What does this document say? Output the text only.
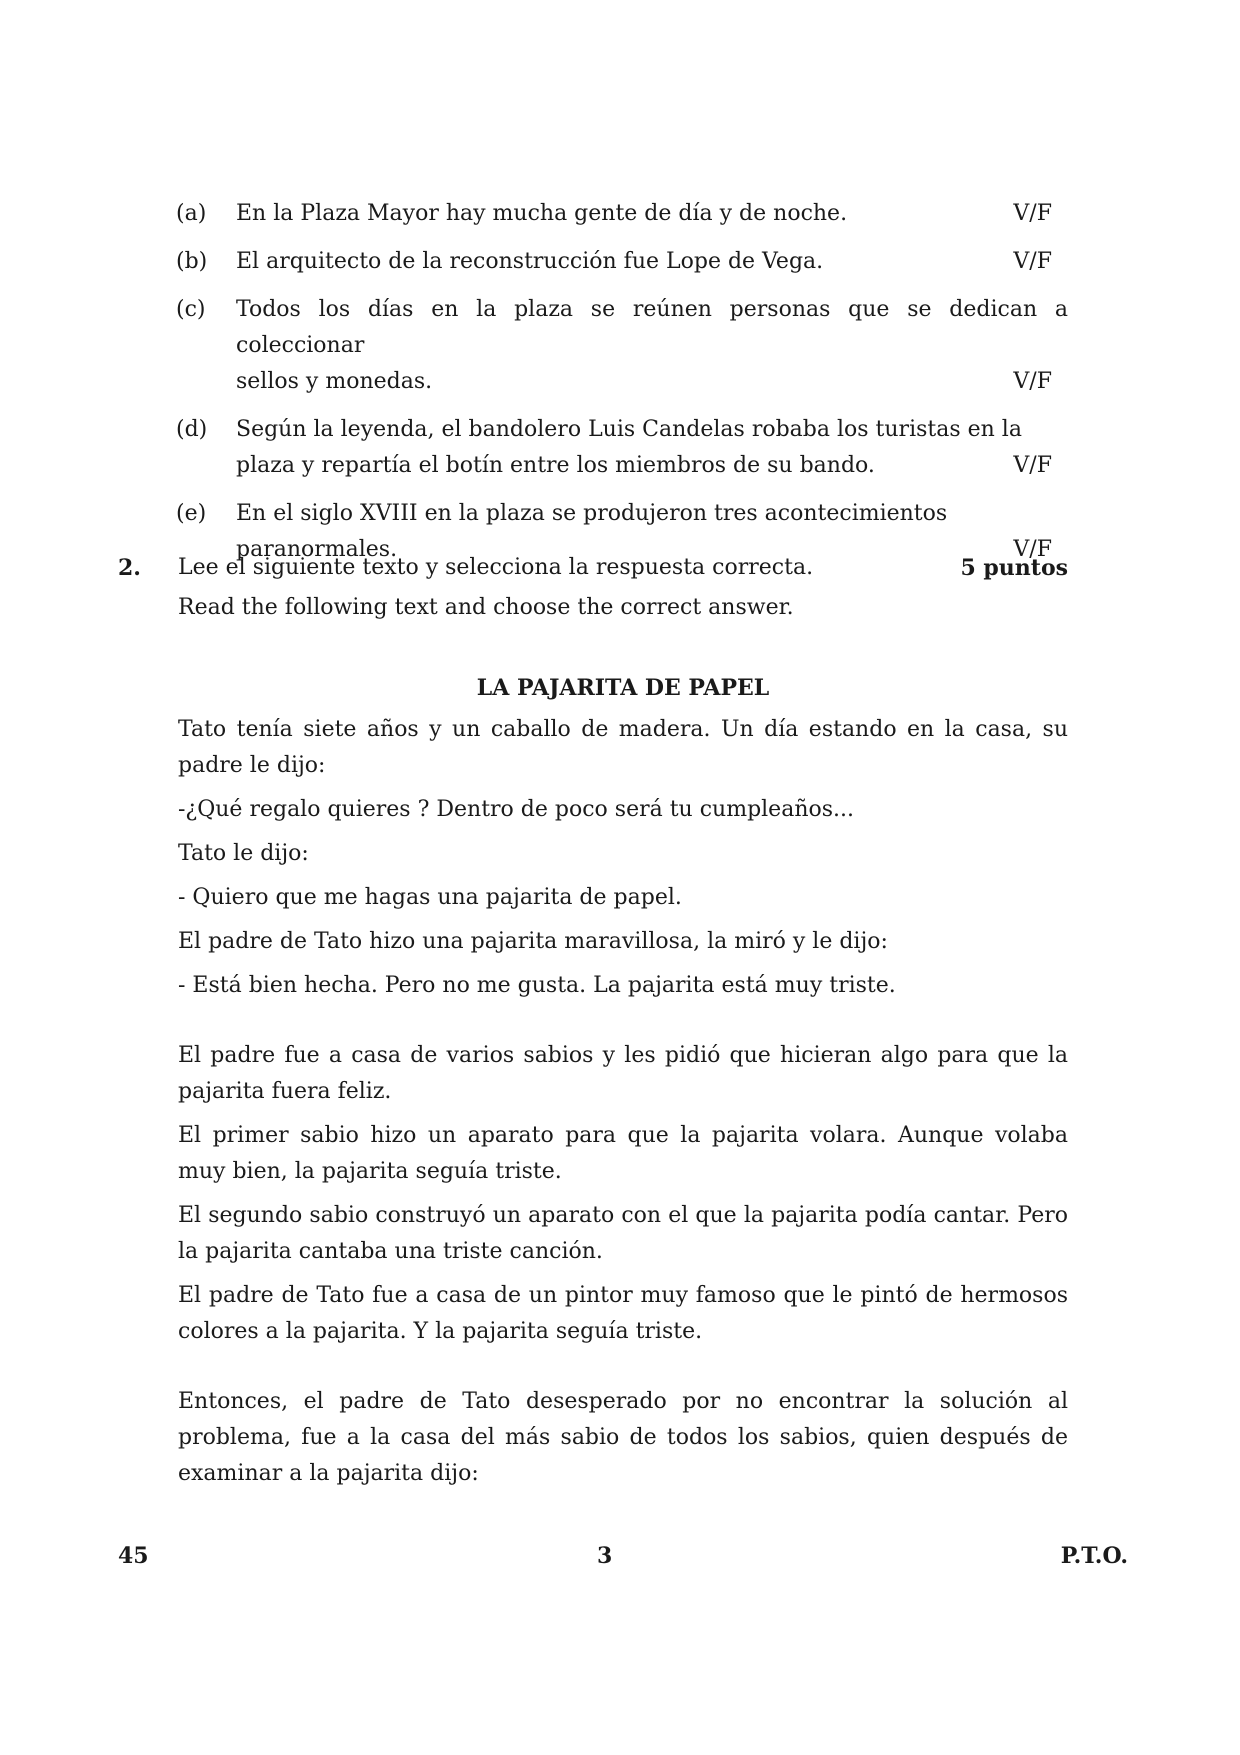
(a)	En la Plaza Mayor hay mucha gente de día y de noche.	V/F
(b)	El arquitecto de la reconstrucción fue Lope de Vega.	V/F
(c)	Todos los días en la plaza se reúnen personas que se dedican a coleccionar
sellos y monedas.	V/F
(d)	Según la leyenda, el bandolero Luis Candelas robaba los turistas en la
plaza y repartía el botín entre los miembros de su bando.	V/F
(e)	En el siglo XVIII en la plaza se produjeron tres acontecimientos
paranormales.	V/F
2.	Lee el siguiente texto y selecciona la respuesta correcta.	5 puntos
Read the following text and choose the correct answer.
LA PAJARITA DE PAPEL

Tato tenía siete años y un caballo de madera. Un día estando en la casa, su padre le dijo:

-¿Qué regalo quieres ? Dentro de poco será tu cumpleaños...

Tato le dijo:

- Quiero que me hagas una pajarita de papel.

El padre de Tato hizo una pajarita maravillosa, la miró y le dijo:

- Está bien hecha. Pero no me gusta. La pajarita está muy triste.

El padre fue a casa de varios sabios y les pidió que hicieran algo para que la pajarita fuera feliz.

El primer sabio hizo un aparato para que la pajarita volara. Aunque volaba muy bien, la pajarita seguía triste.

El segundo sabio construyó un aparato con el que la pajarita podía cantar. Pero la pajarita cantaba una triste canción.

El padre de Tato fue a casa de un pintor muy famoso que le pintó de hermosos colores a la pajarita. Y la pajarita seguía triste.

Entonces, el padre de Tato desesperado por no encontrar la solución al problema, fue a la casa del más sabio de todos los sabios, quien después de examinar a la pajarita dijo:

45	3	P.T.O.
